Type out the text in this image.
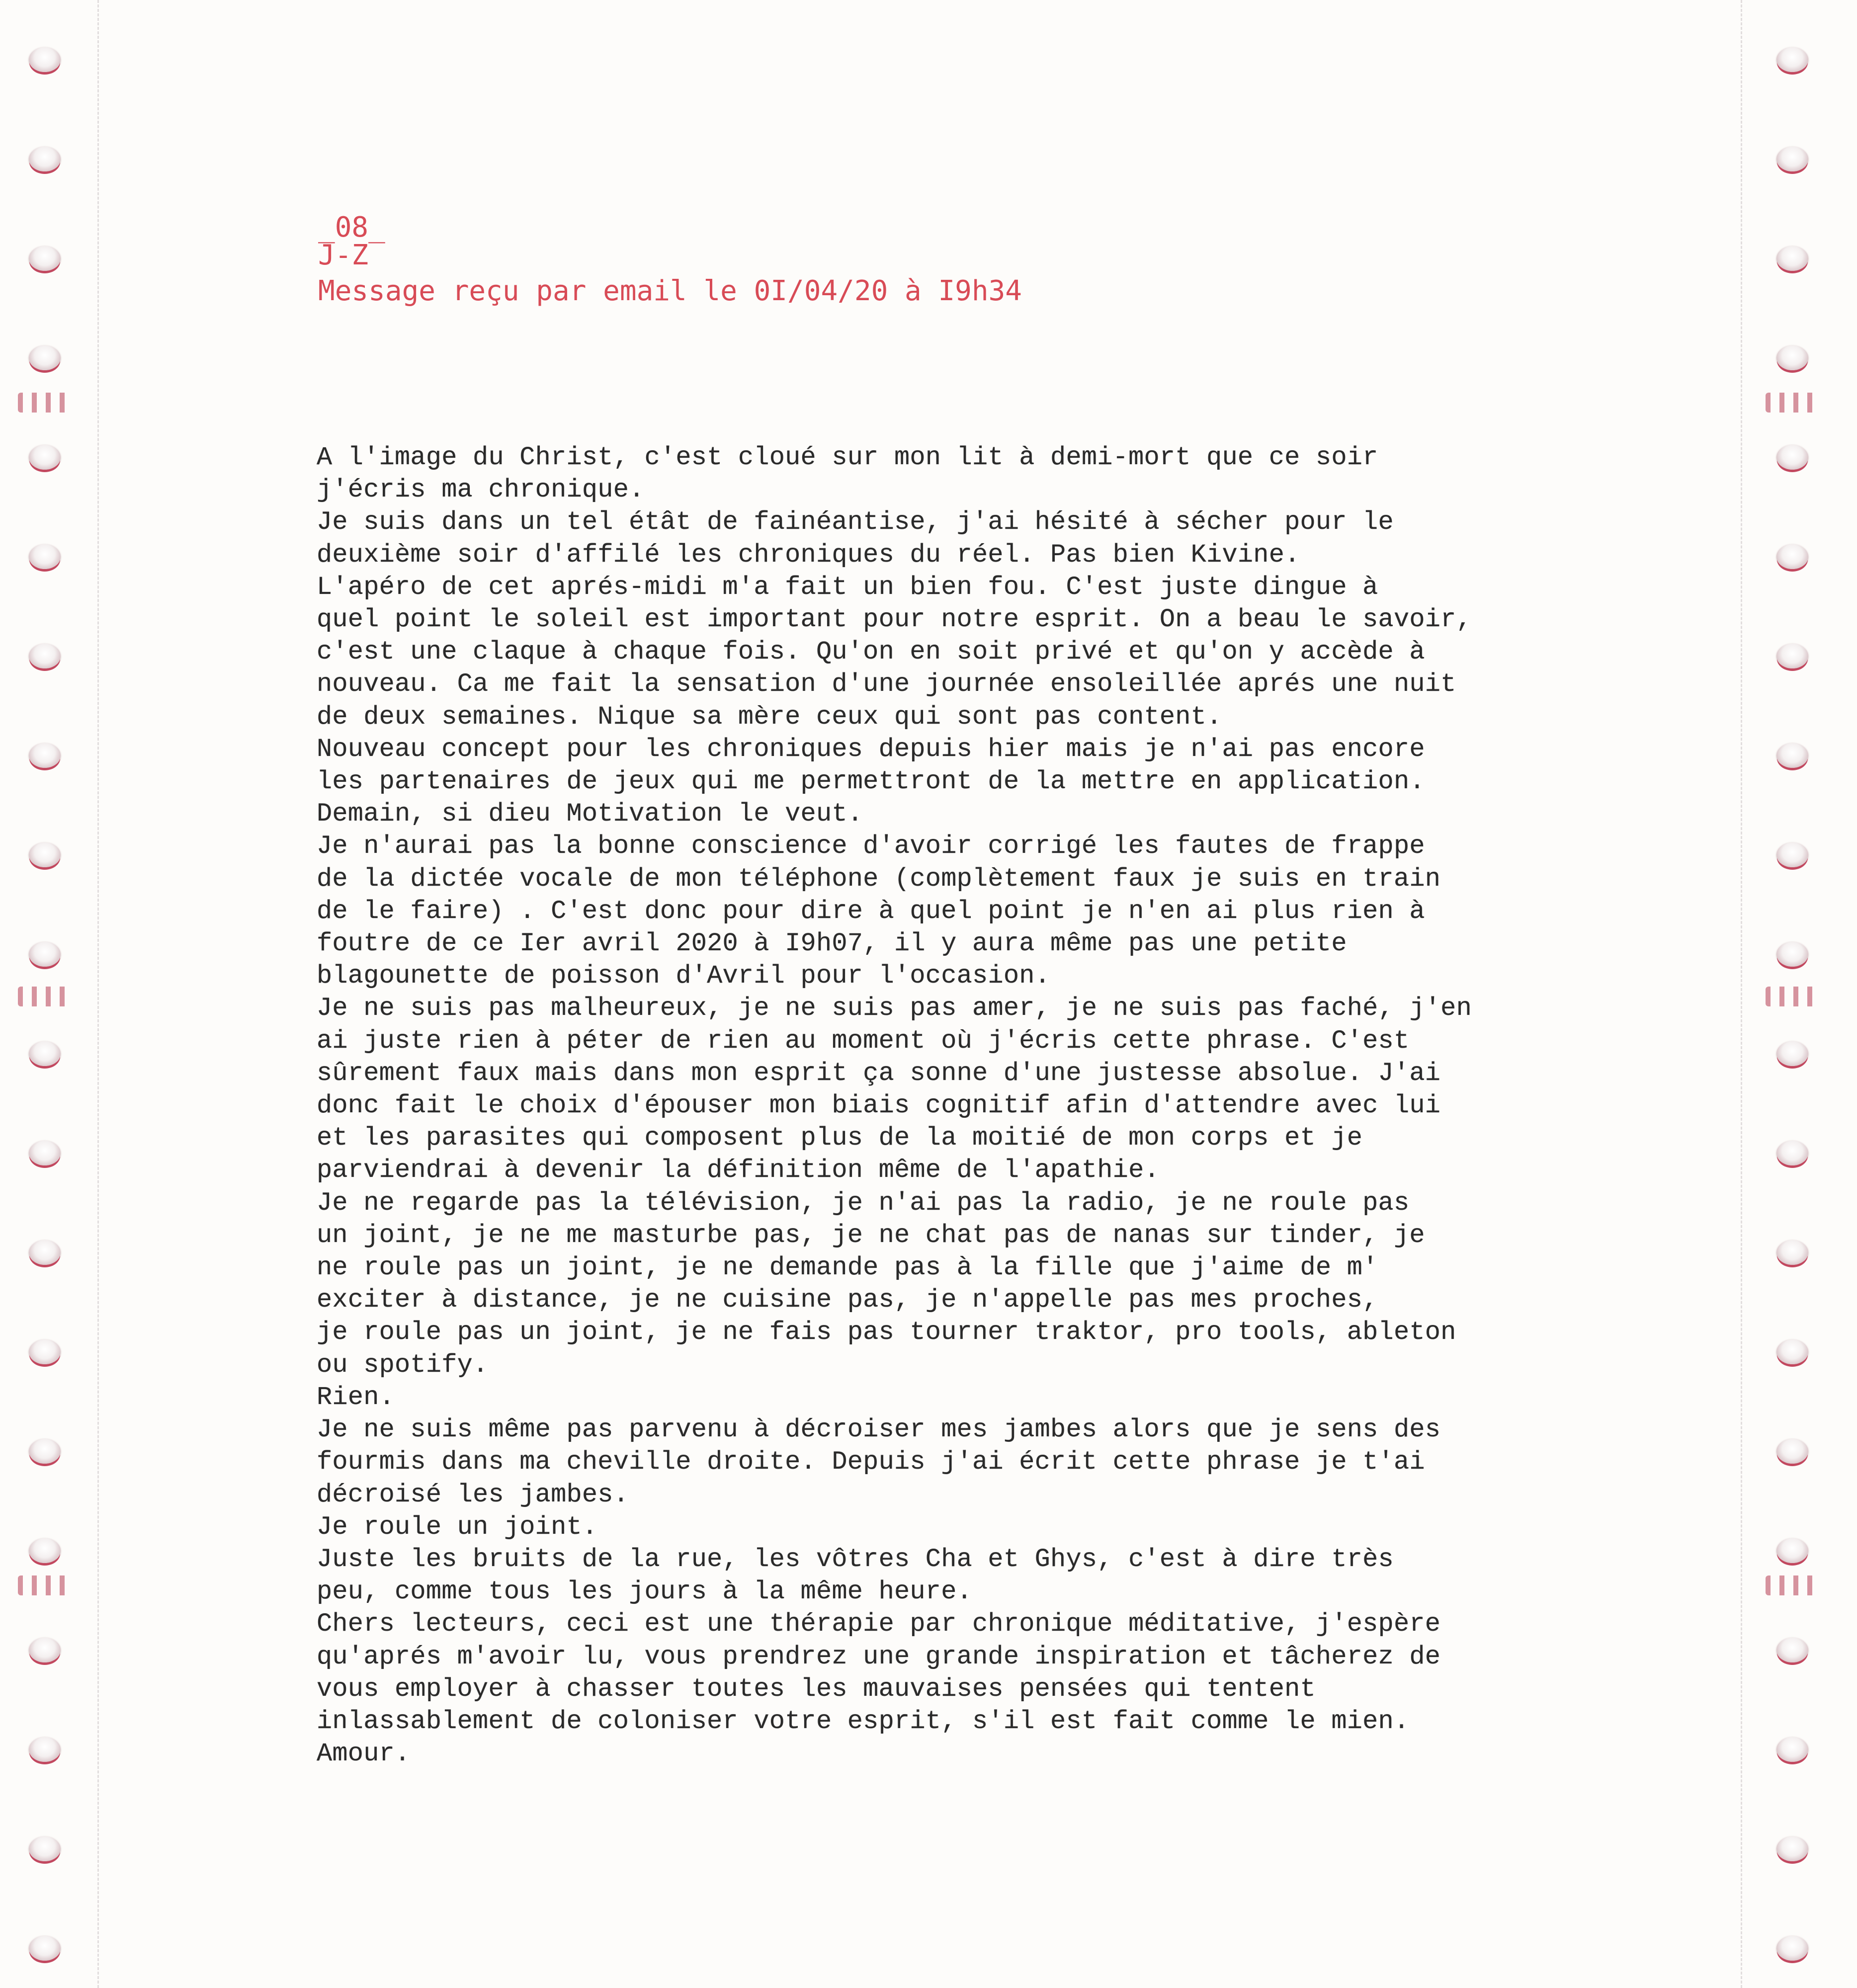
_08_
J-Z
Message reçu par email le 0I/04/20 à I9h34
A l'image du Christ, c'est cloué sur mon lit à demi-mort que ce soir
j'écris ma chronique.
Je suis dans un tel étât de fainéantise, j'ai hésité à sécher pour le
deuxième soir d'affilé les chroniques du réel. Pas bien Kivine.
L'apéro de cet aprés-midi m'a fait un bien fou. C'est juste dingue à
quel point le soleil est important pour notre esprit. On a beau le savoir,
c'est une claque à chaque fois. Qu'on en soit privé et qu'on y accède à
nouveau. Ca me fait la sensation d'une journée ensoleillée aprés une nuit
de deux semaines. Nique sa mère ceux qui sont pas content.
Nouveau concept pour les chroniques depuis hier mais je n'ai pas encore
les partenaires de jeux qui me permettront de la mettre en application.
Demain, si dieu Motivation le veut.
Je n'aurai pas la bonne conscience d'avoir corrigé les fautes de frappe
de la dictée vocale de mon téléphone (complètement faux je suis en train
de le faire) . C'est donc pour dire à quel point je n'en ai plus rien à
foutre de ce Ier avril 2020 à I9h07, il y aura même pas une petite
blagounette de poisson d'Avril pour l'occasion.
Je ne suis pas malheureux, je ne suis pas amer, je ne suis pas faché, j'en
ai juste rien à péter de rien au moment où j'écris cette phrase. C'est
sûrement faux mais dans mon esprit ça sonne d'une justesse absolue. J'ai
donc fait le choix d'épouser mon biais cognitif afin d'attendre avec lui
et les parasites qui composent plus de la moitié de mon corps et je
parviendrai à devenir la définition même de l'apathie.
Je ne regarde pas la télévision, je n'ai pas la radio, je ne roule pas
un joint, je ne me masturbe pas, je ne chat pas de nanas sur tinder, je
ne roule pas un joint, je ne demande pas à la fille que j'aime de m'
exciter à distance, je ne cuisine pas, je n'appelle pas mes proches,
je roule pas un joint, je ne fais pas tourner traktor, pro tools, ableton
ou spotify.
Rien.
Je ne suis même pas parvenu à décroiser mes jambes alors que je sens des
fourmis dans ma cheville droite. Depuis j'ai écrit cette phrase je t'ai
décroisé les jambes.
Je roule un joint.
Juste les bruits de la rue, les vôtres Cha et Ghys, c'est à dire très
peu, comme tous les jours à la même heure.
Chers lecteurs, ceci est une thérapie par chronique méditative, j'espère
qu'aprés m'avoir lu, vous prendrez une grande inspiration et tâcherez de
vous employer à chasser toutes les mauvaises pensées qui tentent
inlassablement de coloniser votre esprit, s'il est fait comme le mien.
Amour.
